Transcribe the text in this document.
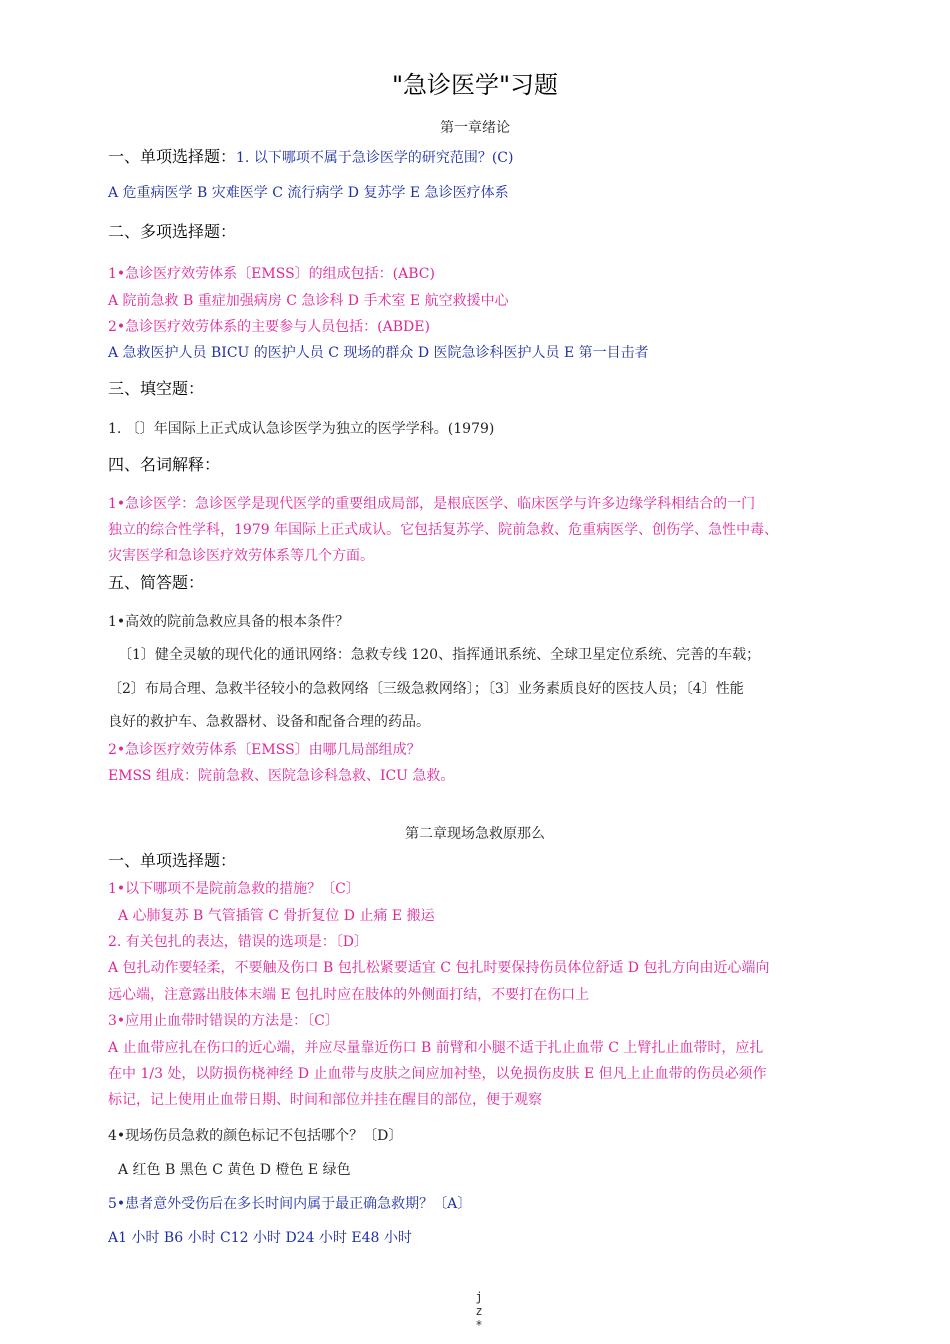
"急诊医学"习题
第一章绪论
一、单项选择题：1. 以下哪项不属于急诊医学的研究范围？(C)
A 危重病医学 B 灾难医学 C 流行病学 D 复苏学 E 急诊医疗体系
二、多项选择题：
1•急诊医疗效劳体系〔EMSS〕的组成包括：(ABC)
A 院前急救 B 重症加强病房 C 急诊科 D 手术室 E 航空救援中心
2•急诊医疗效劳体系的主要参与人员包括：(ABDE)
A 急救医护人员 BICU 的医护人员 C 现场的群众 D 医院急诊科医护人员 E 第一目击者
三、填空题：
1. 〔〕年国际上正式成认急诊医学为独立的医学学科。(1979)
四、名词解释：
1•急诊医学：急诊医学是现代医学的重要组成局部，是根底医学、临床医学与许多边缘学科相结合的一门
独立的综合性学科，1979 年国际上正式成认。它包括复苏学、院前急救、危重病医学、创伤学、急性中毒、
灾害医学和急诊医疗效劳体系等几个方面。
五、简答题：
1•高效的院前急救应具备的根本条件？
〔1〕健全灵敏的现代化的通讯网络：急救专线 120、指挥通讯系统、全球卫星定位系统、完善的车载；
〔2〕布局合理、急救半径较小的急救网络〔三级急救网络〕；〔3〕业务素质良好的医技人员；〔4〕性能
良好的救护车、急救器材、设备和配备合理的药品。
2•急诊医疗效劳体系〔EMSS〕由哪几局部组成？
EMSS 组成：院前急救、医院急诊科急救、ICU 急救。
第二章现场急救原那么
一、单项选择题：
1•以下哪项不是院前急救的措施？〔C〕
A 心肺复苏 B 气管插管 C 骨折复位 D 止痛 E 搬运
2. 有关包扎的表达，错误的选项是：〔D〕
A 包扎动作要轻柔，不要触及伤口 B 包扎松紧要适宜 C 包扎时要保持伤员体位舒适 D 包扎方向由近心端向
远心端，注意露出肢体末端 E 包扎时应在肢体的外侧面打结，不要打在伤口上
3•应用止血带时错误的方法是：〔C〕
A 止血带应扎在伤口的近心端，并应尽量靠近伤口 B 前臂和小腿不适于扎止血带 C 上臂扎止血带时，应扎
在中 1/3 处，以防损伤桡神经 D 止血带与皮肤之间应加衬垫，以免损伤皮肤 E 但凡上止血带的伤员必须作
标记，记上使用止血带日期、时间和部位并挂在醒目的部位，便于观察
4•现场伤员急救的颜色标记不包括哪个？〔D〕
A 红色 B 黑色 C 黄色 D 橙色 E 绿色
5•患者意外受伤后在多长时间内属于最正确急救期？〔A〕
A1 小时 B6 小时 C12 小时 D24 小时 E48 小时
j
z
*
